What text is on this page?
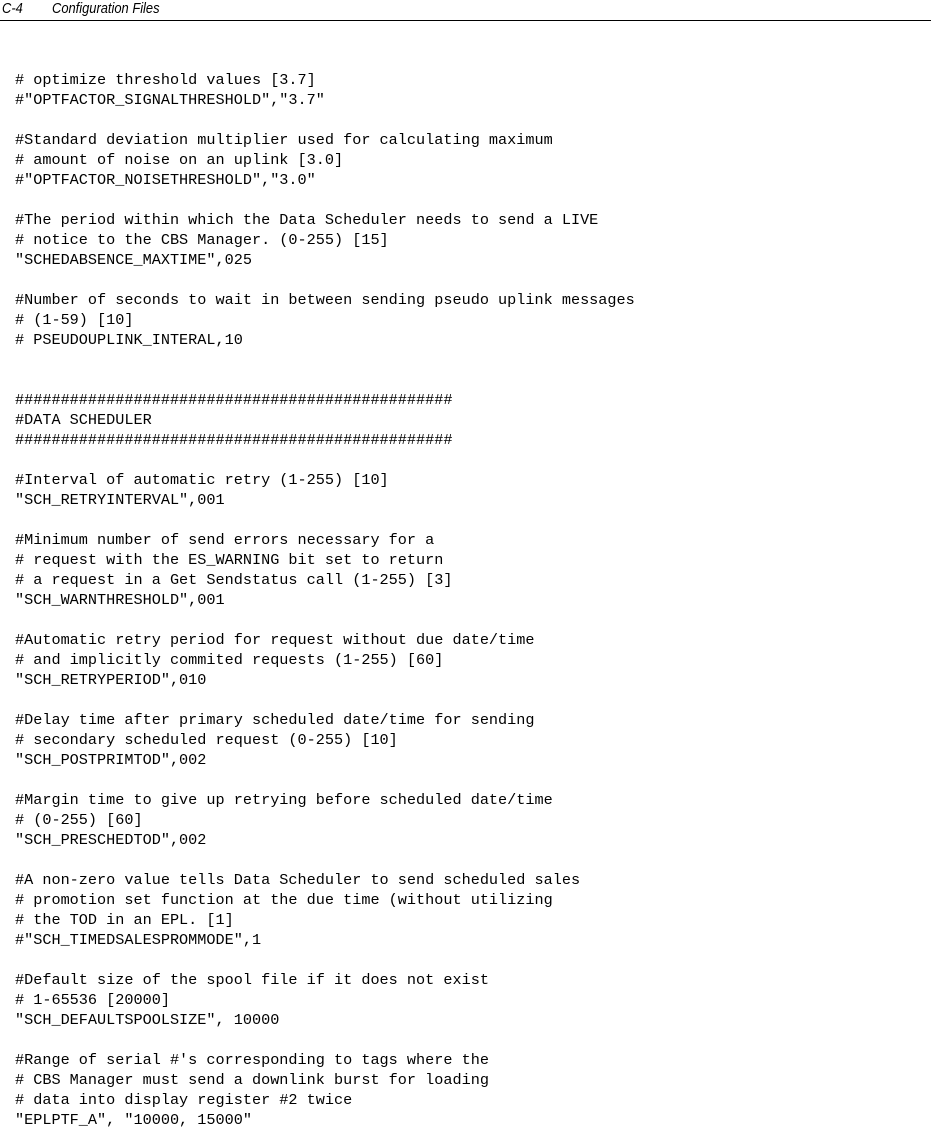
C-4 Configuration Files
# optimize threshold values [3.7]
#"OPTFACTOR_SIGNALTHRESHOLD","3.7"
#Standard deviation multiplier used for calculating maximum
# amount of noise on an uplink [3.0]
#"OPTFACTOR_NOISETHRESHOLD","3.0"
#The period within which the Data Scheduler needs to send a LIVE
# notice to the CBS Manager. (0-255) [15]
"SCHEDABSENCE_MAXTIME",025
#Number of seconds to wait in between sending pseudo uplink messages
# (1-59) [10]
# PSEUDOUPLINK_INTERAL,10
################################################
#DATA SCHEDULER
################################################
#Interval of automatic retry (1-255) [10]
"SCH_RETRYINTERVAL",001
#Minimum number of send errors necessary for a
# request with the ES_WARNING bit set to return
# a request in a Get Sendstatus call (1-255) [3]
"SCH_WARNTHRESHOLD",001
#Automatic retry period for request without due date/time
# and implicitly commited requests (1-255) [60]
"SCH_RETRYPERIOD",010
#Delay time after primary scheduled date/time for sending
# secondary scheduled request (0-255) [10]
"SCH_POSTPRIMTOD",002
#Margin time to give up retrying before scheduled date/time
# (0-255) [60]
"SCH_PRESCHEDTOD",002
#A non-zero value tells Data Scheduler to send scheduled sales
# promotion set function at the due time (without utilizing
# the TOD in an EPL. [1]
#"SCH_TIMEDSALESPROMMODE",1
#Default size of the spool file if it does not exist
# 1-65536 [20000]
"SCH_DEFAULTSPOOLSIZE", 10000
#Range of serial #'s corresponding to tags where the
# CBS Manager must send a downlink burst for loading
# data into display register #2 twice
"EPLPTF_A", "10000, 15000"
